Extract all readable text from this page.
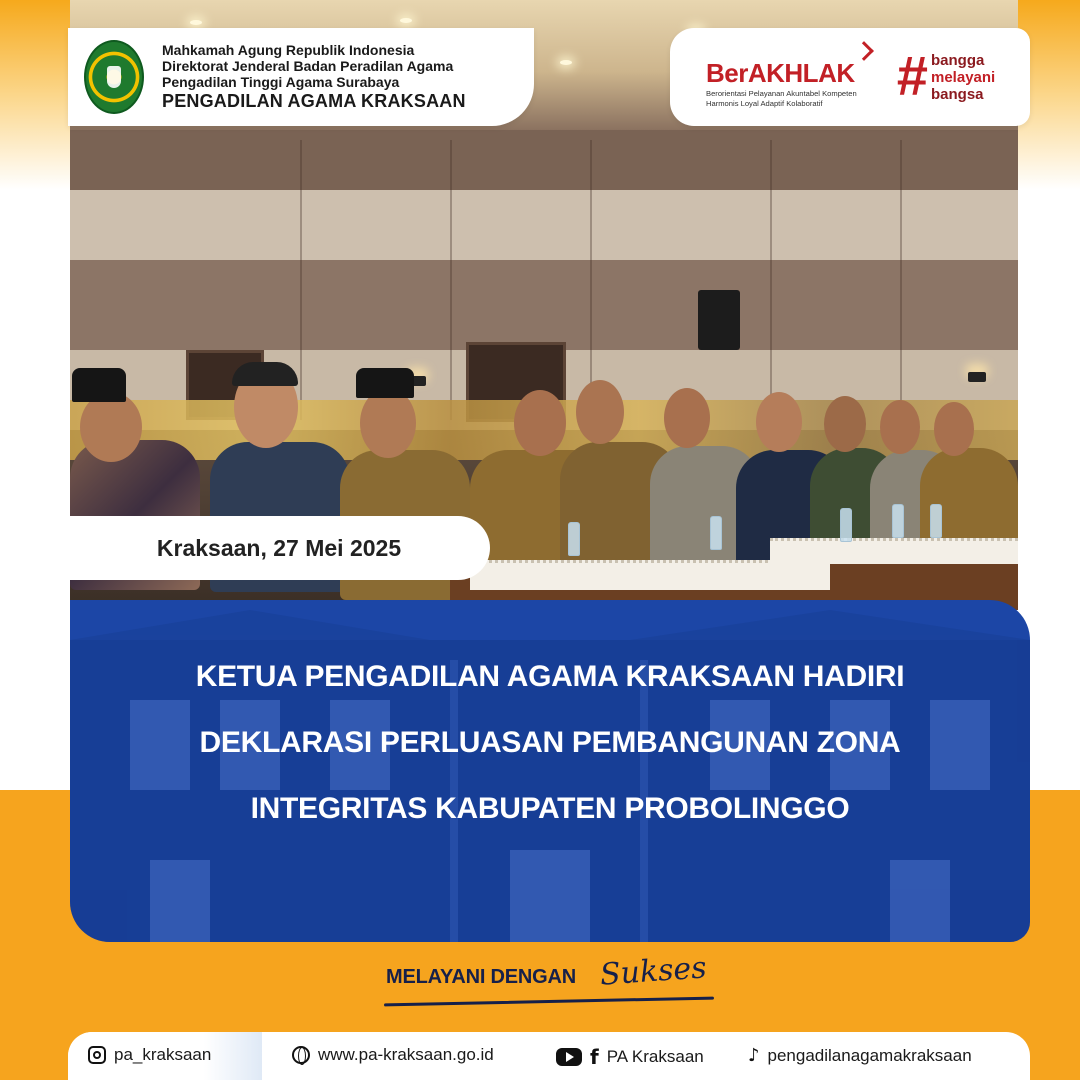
Mahkamah Agung Republik Indonesia
Direktorat Jenderal Badan Peradilan Agama
Pengadilan Tinggi Agama Surabaya
PENGADILAN AGAMA KRAKSAAN
BerAKHLAK
Berorientasi Pelayanan Akuntabel Kompeten
Harmonis Loyal Adaptif Kolaboratif	# bangga
melayani
bangsa
Kraksaan, 27 Mei 2025
KETUA PENGADILAN AGAMA KRAKSAAN HADIRI
DEKLARASI PERLUASAN PEMBANGUNAN ZONA
INTEGRITAS KABUPATEN PROBOLINGGO
MELAYANI DENGAN Sukses
pa_kraksaan	www.pa-kraksaan.go.id	f PA Kraksaan ♪ pengadilanagamakraksaan
